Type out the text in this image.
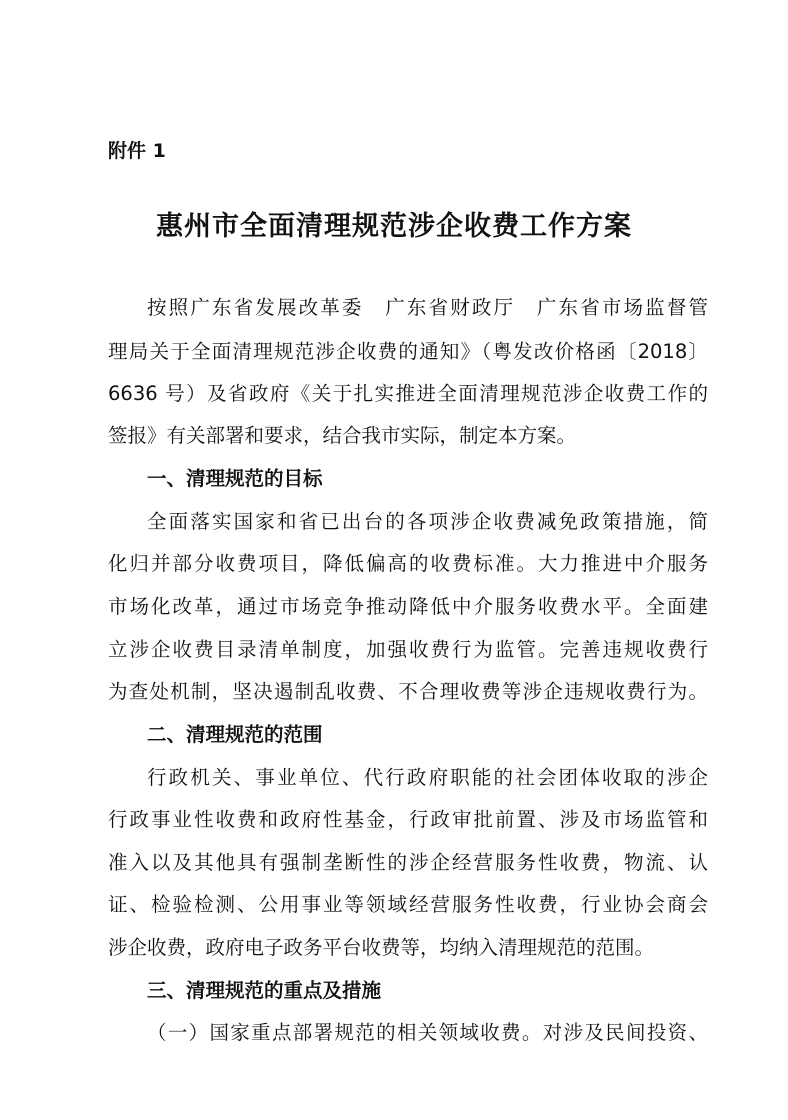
附件 1
惠州市全面清理规范涉企收费工作方案
按照广东省发展改革委　广东省财政厅　广东省市场监督管
理局关于全面清理规范涉企收费的通知》（粤发改价格函〔2018〕
6636 号）及省政府《关于扎实推进全面清理规范涉企收费工作的
签报》有关部署和要求，结合我市实际，制定本方案。
一、清理规范的目标
全面落实国家和省已出台的各项涉企收费减免政策措施，简
化归并部分收费项目，降低偏高的收费标准。大力推进中介服务
市场化改革，通过市场竞争推动降低中介服务收费水平。全面建
立涉企收费目录清单制度，加强收费行为监管。完善违规收费行
为查处机制，坚决遏制乱收费、不合理收费等涉企违规收费行为。
二、清理规范的范围
行政机关、事业单位、代行政府职能的社会团体收取的涉企
行政事业性收费和政府性基金，行政审批前置、涉及市场监管和
准入以及其他具有强制垄断性的涉企经营服务性收费，物流、认
证、检验检测、公用事业等领域经营服务性收费，行业协会商会
涉企收费，政府电子政务平台收费等，均纳入清理规范的范围。
三、清理规范的重点及措施
（一）国家重点部署规范的相关领域收费。对涉及民间投资、
